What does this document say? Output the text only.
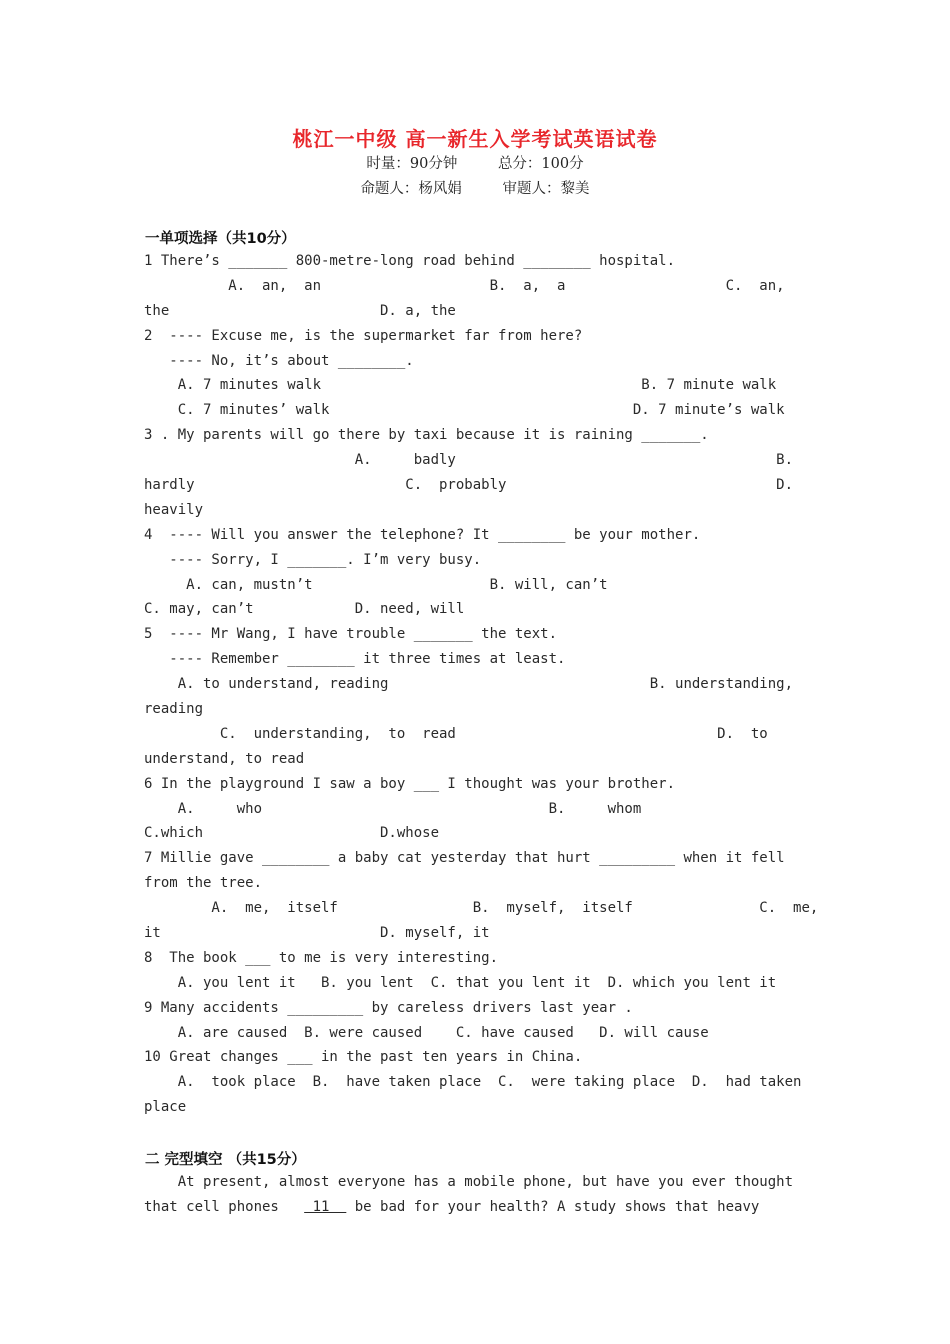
桃江一中级 高一新生入学考试英语试卷
时量：90分钟	总分：100分
命题人：杨风娟	审题人：黎美
一单项选择（共10分）
1 There’s _______ 800-metre-long road behind ________ hospital.
A.  an,  an                    B.  a,  a                   C.  an,
the                         D. a, the
2  ---- Excuse me, is the supermarket far from here?
---- No, it’s about ________.
A. 7 minutes walk                                      B. 7 minute walk
C. 7 minutes’ walk                                    D. 7 minute’s walk
3 . My parents will go there by taxi because it is raining _______.
A.     badly                                      B.
hardly                         C.  probably                                D.
heavily
4  ---- Will you answer the telephone? It ________ be your mother.
---- Sorry, I _______. I’m very busy.
A. can, mustn’t                     B. will, can’t
C. may, can’t            D. need, will
5  ---- Mr Wang, I have trouble _______ the text.
---- Remember ________ it three times at least.
A. to understand, reading                               B. understanding,
reading
C.  understanding,  to  read                               D.  to
understand, to read
6 In the playground I saw a boy ___ I thought was your brother.
A.     who                                  B.     whom
C.which                     D.whose
7 Millie gave ________ a baby cat yesterday that hurt _________ when it fell
from the tree.
A.  me,  itself                B.  myself,  itself               C.  me,
it                          D. myself, it
8  The book ___ to me is very interesting.
A. you lent it   B. you lent  C. that you lent it  D. which you lent it
9 Many accidents _________ by careless drivers last year .
A. are caused  B. were caused    C. have caused   D. will cause
10 Great changes ___ in the past ten years in China.
A.  took place  B.  have taken place  C.  were taking place  D.  had taken
place
二 完型填空 （共15分）
At present, almost everyone has a mobile phone, but have you ever thought
that cell phones    11   be bad for your health? A study shows that heavy
